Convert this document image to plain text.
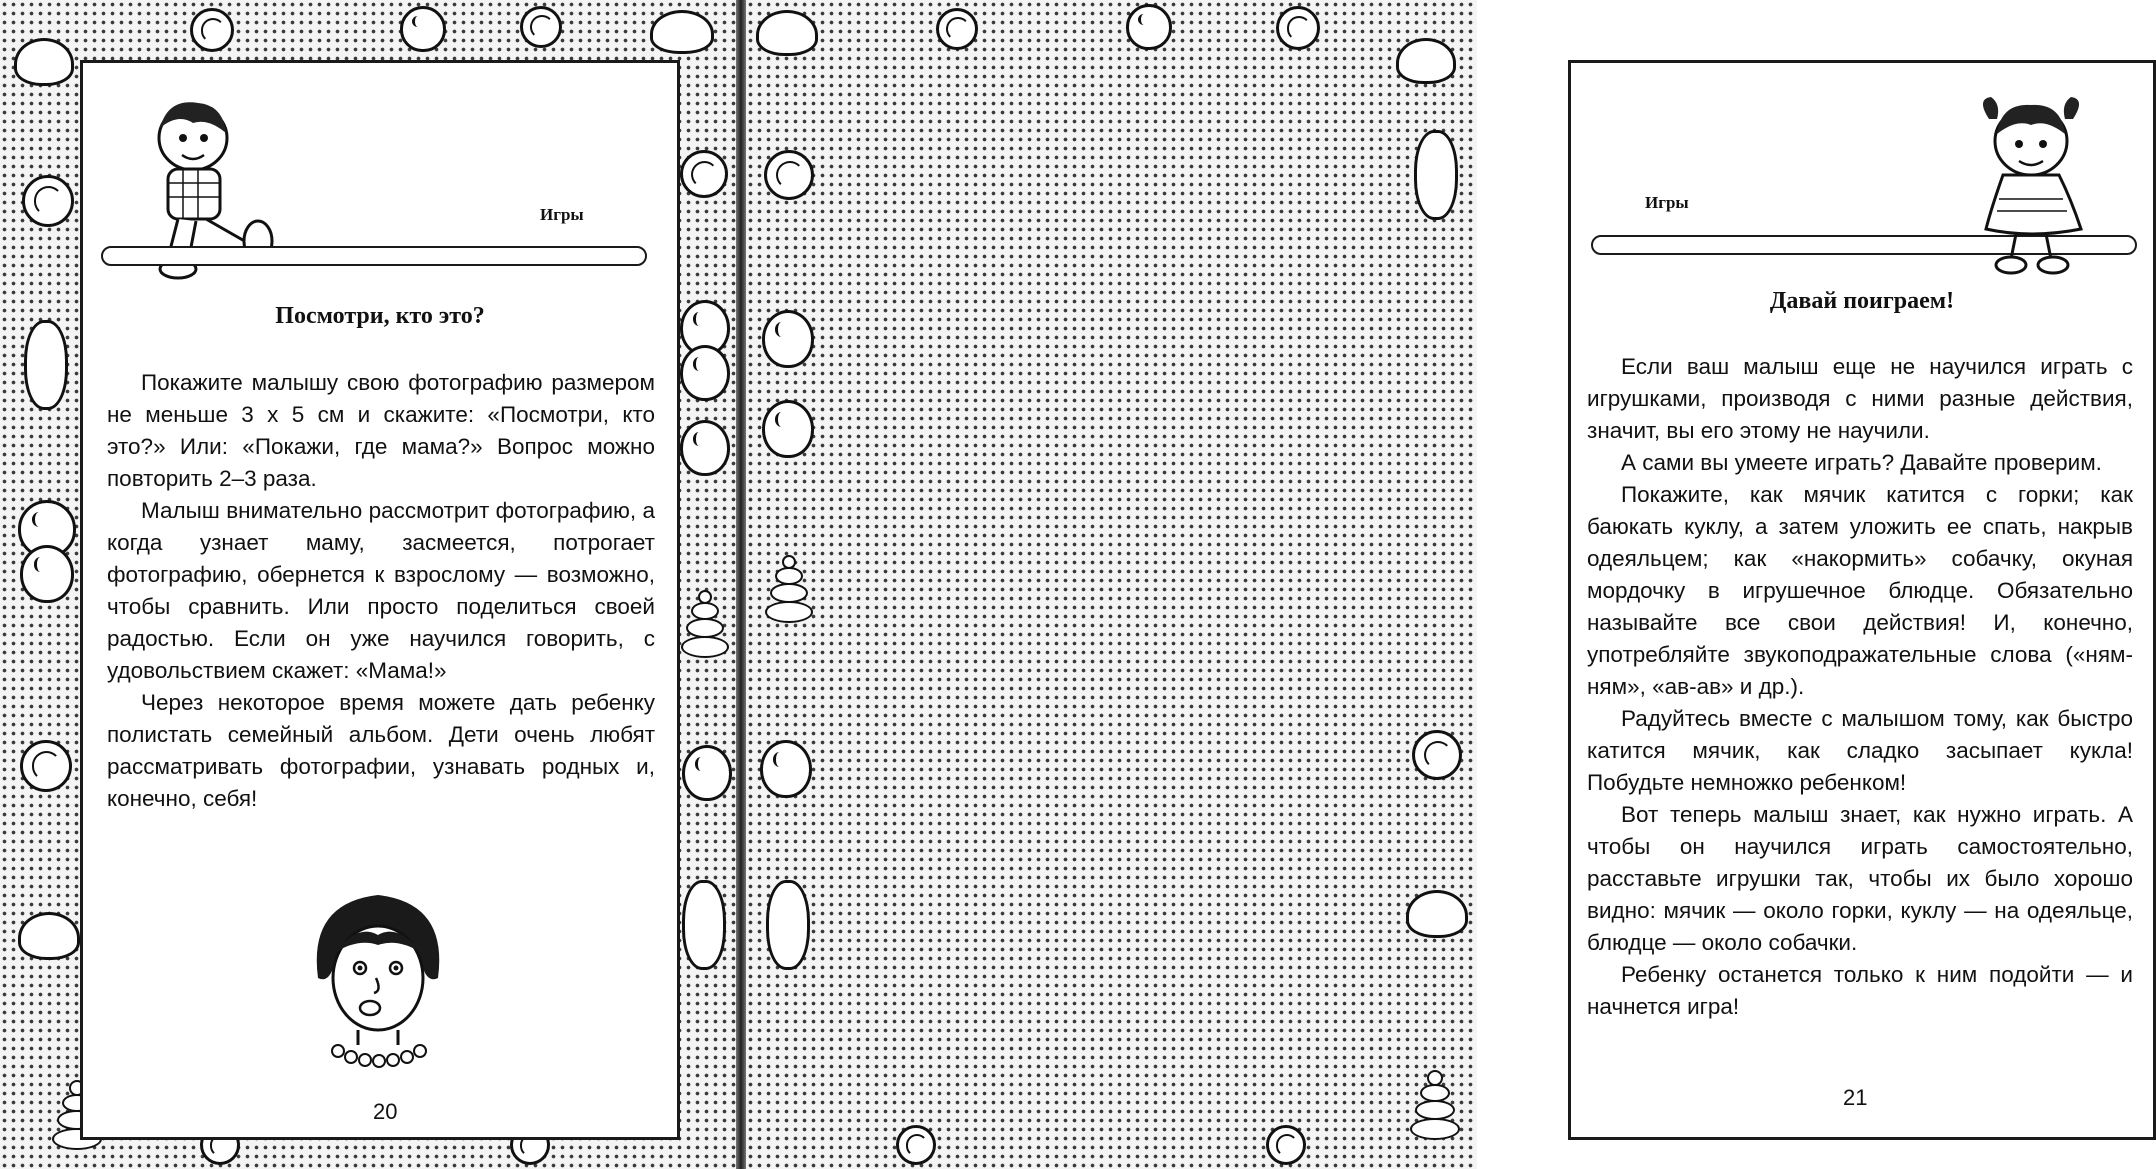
Игры
Посмотри, кто это?

Покажите малышу свою фотографию размером не меньше 3 х 5 см и скажите: «Посмотри, кто это?» Или: «Покажи, где мама?» Вопрос можно повторить 2–3 раза.

Малыш внимательно рассмотрит фотографию, а когда узнает маму, засмеется, потрогает фотографию, обернется к взрослому — возможно, чтобы сравнить. Или просто поделиться своей радостью. Если он уже научился говорить, с удовольствием скажет: «Мама!»

Через некоторое время можете дать ребенку полистать семейный альбом. Дети очень любят рассматривать фотографии, узнавать родных и, конечно, себя!

20
Игры
Давай поиграем!

Если ваш малыш еще не научился играть с игрушками, производя с ними разные действия, значит, вы его этому не научили.

А сами вы умеете играть? Давайте проверим.

Покажите, как мячик катится с горки; как баюкать куклу, а затем уложить ее спать, накрыв одеяльцем; как «накормить» собачку, окуная мордочку в игрушечное блюдце. Обязательно называйте все свои действия! И, конечно, употребляйте звукоподражательные слова («ням-ням», «ав-ав» и др.).

Радуйтесь вместе с малышом тому, как быстро катится мячик, как сладко засыпает кукла! Побудьте немножко ребенком!

Вот теперь малыш знает, как нужно играть. А чтобы он научился играть самостоятельно, расставьте игрушки так, чтобы их было хорошо видно: мячик — около горки, куклу — на одеяльце, блюдце — около собачки.

Ребенку останется только к ним подойти — и начнется игра!

21
